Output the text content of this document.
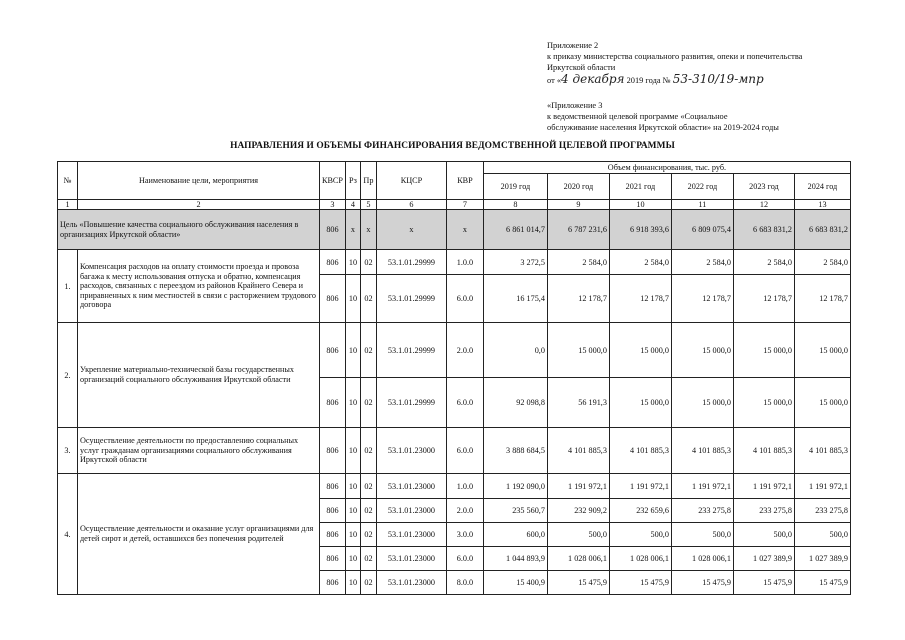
Приложение 2
к приказу министерства социального развития, опеки и попечительства
Иркутской области
от «4 декабря 2019 года № 53-310/19-мпр
«Приложение 3
к ведомственной целевой программе «Социальное
обслуживание населения Иркутской области» на 2019-2024 годы
НАПРАВЛЕНИЯ И ОБЪЕМЫ ФИНАНСИРОВАНИЯ ВЕДОМСТВЕННОЙ ЦЕЛЕВОЙ ПРОГРАММЫ
№	Наименование цели, мероприятия	КВСР	Рз	Пр	КЦСР	КВР	Объем финансирования, тыс. руб.					
							2019 год	2020 год	2021 год	2022 год	2023 год	2024 год
1	2	3	4	5	6	7	8	9	10	11	12	13
Цель «Повышение качества социального обслуживания населения в организациях Иркутской области»		806	х	х	х	х	6 861 014,7	6 787 231,6	6 918 393,6	6 809 075,4	6 683 831,2	6 683 831,2
1.	Компенсация расходов на оплату стоимости проезда и провоза багажа к месту использования отпуска и обратно, компенсация расходов, связанных с переездом из районов Крайнего Севера и приравненных к ним местностей в связи с расторжением трудового договора	806	10	02	53.1.01.29999	1.0.0	3 272,5	2 584,0	2 584,0	2 584,0	2 584,0	2 584,0
		806	10	02	53.1.01.29999	6.0.0	16 175,4	12 178,7	12 178,7	12 178,7	12 178,7	12 178,7
2.	Укрепление материально-технической базы государственных организаций социального обслуживания Иркутской области	806	10	02	53.1.01.29999	2.0.0	0,0	15 000,0	15 000,0	15 000,0	15 000,0	15 000,0
		806	10	02	53.1.01.29999	6.0.0	92 098,8	56 191,3	15 000,0	15 000,0	15 000,0	15 000,0
3.	Осуществление деятельности по предоставлению социальных услуг гражданам организациями социального обслуживания Иркутской области	806	10	02	53.1.01.23000	6.0.0	3 888 684,5	4 101 885,3	4 101 885,3	4 101 885,3	4 101 885,3	4 101 885,3
4.	Осуществление деятельности и оказание услуг организациями для детей сирот и детей, оставшихся без попечения родителей	806	10	02	53.1.01.23000	1.0.0	1 192 090,0	1 191 972,1	1 191 972,1	1 191 972,1	1 191 972,1	1 191 972,1
		806	10	02	53.1.01.23000	2.0.0	235 560,7	232 909,2	232 659,6	233 275,8	233 275,8	233 275,8
		806	10	02	53.1.01.23000	3.0.0	600,0	500,0	500,0	500,0	500,0	500,0
		806	10	02	53.1.01.23000	6.0.0	1 044 893,9	1 028 006,1	1 028 006,1	1 028 006,1	1 027 389,9	1 027 389,9
		806	10	02	53.1.01.23000	8.0.0	15 400,9	15 475,9	15 475,9	15 475,9	15 475,9	15 475,9
